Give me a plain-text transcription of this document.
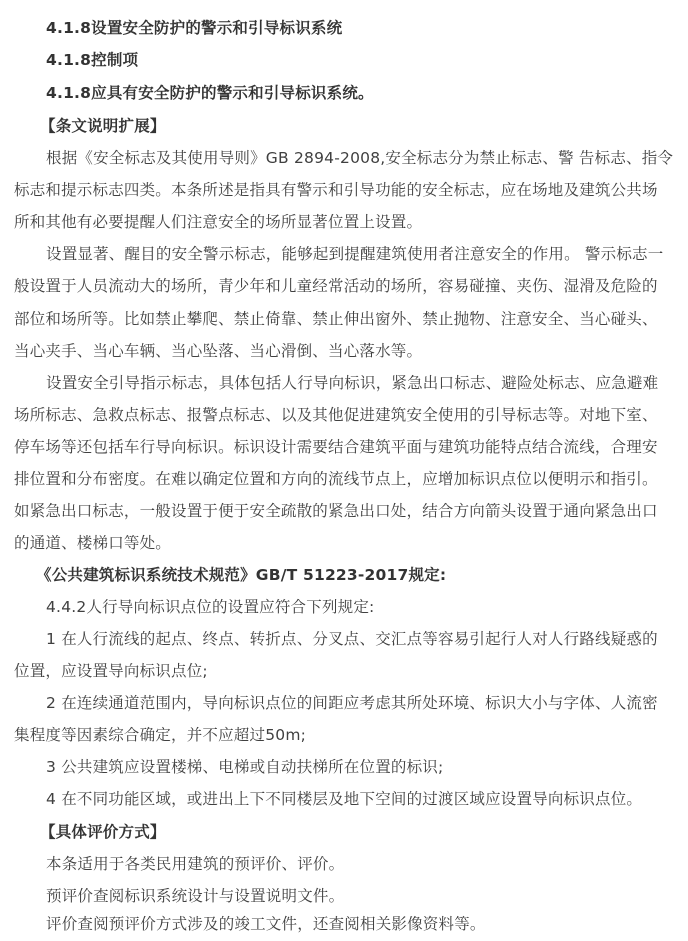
4.1.8设置安全防护的警示和引导标识系统
4.1.8控制项
4.1.8应具有安全防护的警示和引导标识系统。
【条文说明扩展】
根据《安全标志及其使用导则》GB 2894-2008,安全标志分为禁止标志、警 告标志、指令
标志和提示标志四类。本条所述是指具有警示和引导功能的安全标志，应在场地及建筑公共场
所和其他有必要提醒人们注意安全的场所显著位置上设置。
设置显著、醒目的安全警示标志，能够起到提醒建筑使用者注意安全的作用。 警示标志一
般设置于人员流动大的场所，青少年和儿童经常活动的场所，容易碰撞、夹伤、湿滑及危险的
部位和场所等。比如禁止攀爬、禁止倚靠、禁止伸出窗外、禁止抛物、注意安全、当心碰头、
当心夹手、当心车辆、当心坠落、当心滑倒、当心落水等。
设置安全引导指示标志，具体包括人行导向标识，紧急出口标志、避险处标志、应急避难
场所标志、急救点标志、报警点标志、以及其他促进建筑安全使用的引导标志等。对地下室、
停车场等还包括车行导向标识。标识设计需要结合建筑平面与建筑功能特点结合流线，合理安
排位置和分布密度。在难以确定位置和方向的流线节点上，应增加标识点位以便明示和指引。
如紧急出口标志，一般设置于便于安全疏散的紧急出口处，结合方向箭头设置于通向紧急出口
的通道、楼梯口等处。
《公共建筑标识系统技术规范》GB/T 51223-2017规定:
4.4.2人行导向标识点位的设置应符合下列规定:
1 在人行流线的起点、终点、转折点、分叉点、交汇点等容易引起行人对人行路线疑惑的
位置，应设置导向标识点位;
2 在连续通道范围内，导向标识点位的间距应考虑其所处环境、标识大小与字体、人流密
集程度等因素综合确定，并不应超过50m;
3 公共建筑应设置楼梯、电梯或自动扶梯所在位置的标识;
4 在不同功能区域，或进出上下不同楼层及地下空间的过渡区域应设置导向标识点位。
【具体评价方式】
本条适用于各类民用建筑的预评价、评价。
预评价查阅标识系统设计与设置说明文件。
评价查阅预评价方式涉及的竣工文件，还查阅相关影像资料等。
